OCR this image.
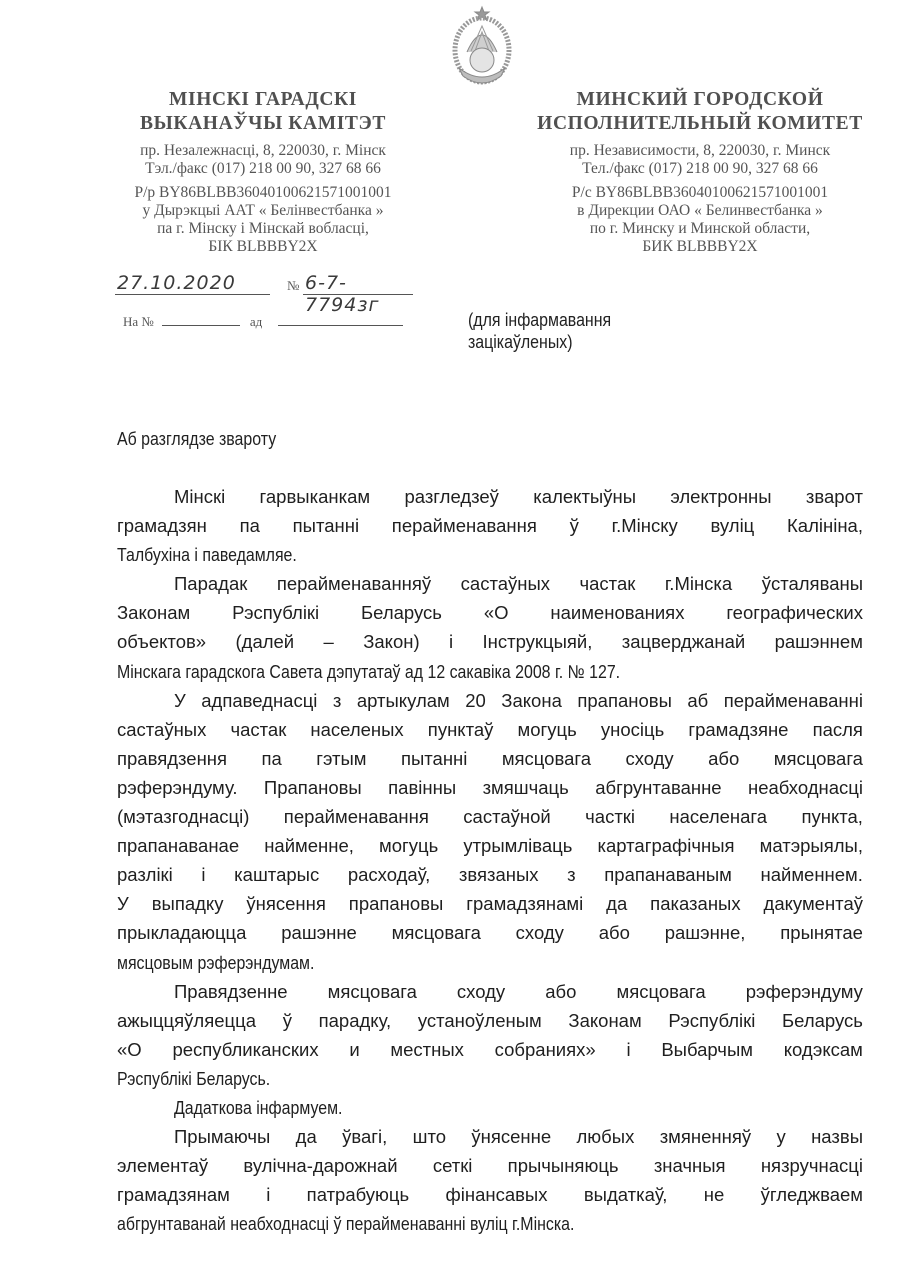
МІНСКІ ГАРАДСКІ
ВЫКАНАЎЧЫ КАМІТЭТ
пр. Незалежнасці, 8, 220030, г. Мінск
Тэл./факс (017) 218 00 90, 327 68 66
Р/р BY86BLBB36040100621571001001
у Дырэкцыі ААТ « Белінвестбанка »
па г. Мінску і Мінскай вобласці,
БІК BLBBBY2X
МИНСКИЙ ГОРОДСКОЙ
ИСПОЛНИТЕЛЬНЫЙ КОМИТЕТ
пр. Независимости, 8, 220030, г. Минск
Тел./факс (017) 218 00 90, 327 68 66
Р/с BY86BLBB36040100621571001001
в Дирекции ОАО « Белинвестбанка »
по г. Минску и Минской области,
БИК BLBBBY2X
27.10.2020	№ 6-7-7794зг
На №	ад	(для інфармавання
зацікаўленых)
Аб разглядзе звароту
Мінскі гарвыканкам разгледзеў калектыўны электронны зварот
грамадзян па пытанні перайменавання ў г.Мінску вуліц Калініна,
Талбухіна і паведамляе.
Парадак перайменаванняў састаўных частак г.Мінска ўсталяваны
Законам Рэспублікі Беларусь «О наименованиях географических
объектов» (далей – Закон) і Інструкцыяй, зацверджанай рашэннем
Мінскага гарадскога Савета дэпутатаў ад 12 сакавіка 2008 г. № 127.
У адпаведнасці з артыкулам 20 Закона прапановы аб перайменаванні
састаўных частак населеных пунктаў могуць уносіць грамадзяне пасля
правядзення па гэтым пытанні мясцовага сходу або мясцовага
рэферэндуму. Прапановы павінны змяшчаць абгрунтаванне неабходнасці
(мэтазгоднасці) перайменавання састаўной часткі населенага пункта,
прапанаванае найменне, могуць утрымліваць картаграфічныя матэрыялы,
разлікі і каштарыс расходаў, звязаных з прапанаваным найменнем.
У выпадку ўнясення прапановы грамадзянамі да паказаных дакументаў
прыкладаюцца рашэнне мясцовага сходу або рашэнне, прынятае
мясцовым рэферэндумам.
Правядзенне мясцовага сходу або мясцовага рэферэндуму
ажыццяўляецца ў парадку, устаноўленым Законам Рэспублікі Беларусь
«О республиканских и местных собраниях» і Выбарчым кодэксам
Рэспублікі Беларусь.
Дадаткова інфармуем.
Прымаючы да ўвагі, што ўнясенне любых змяненняў у назвы
элементаў вулічна-дарожнай сеткі прычыняюць значныя нязручнасці
грамадзянам і патрабуюць фінансавых выдаткаў, не ўгледжваем
абгрунтаванай неабходнасці ў перайменаванні вуліц г.Мінска.
